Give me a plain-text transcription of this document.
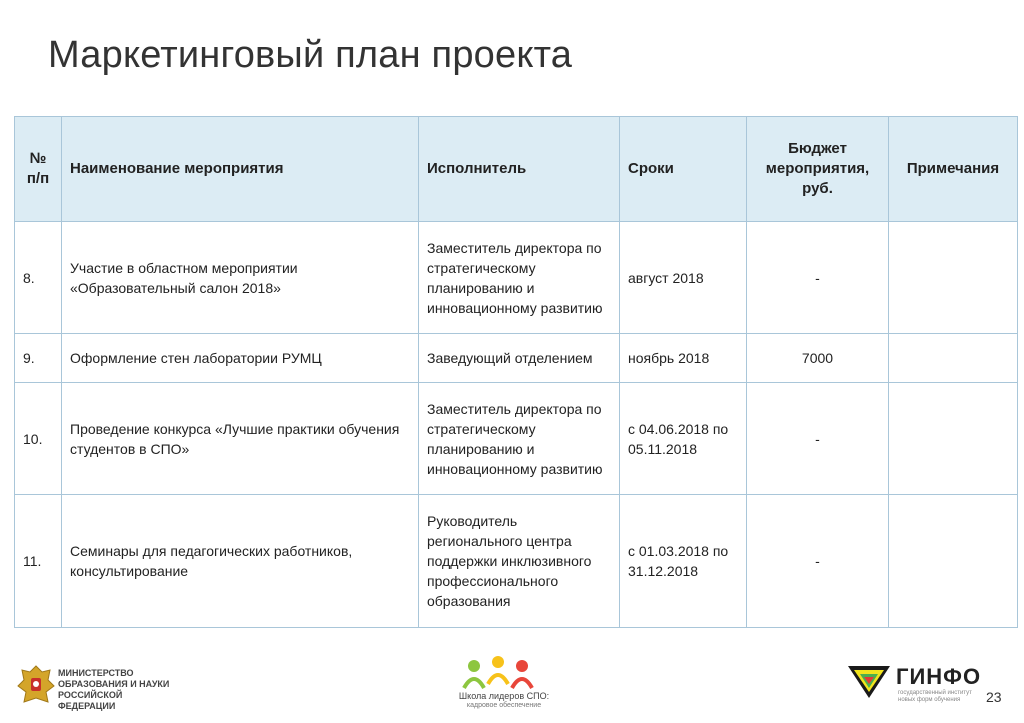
Маркетинговый план проекта
№ п/п	Наименование мероприятия	Исполнитель	Сроки	Бюджет мероприятия, руб.	Примечания
8.	Участие в областном мероприятии «Образовательный салон 2018»	Заместитель директора по стратегическому планированию и инновационному развитию	август 2018	-	
9.	Оформление стен лаборатории РУМЦ	Заведующий отделением	ноябрь 2018	7000	
10.	Проведение конкурса «Лучшие практики обучения студентов в СПО»	Заместитель директора по стратегическому планированию и инновационному развитию	с 04.06.2018 по 05.11.2018	-	
11.	Семинары для педагогических работников, консультирование	Руководитель регионального центра поддержки инклюзивного профессионального образования	с 01.03.2018 по 31.12.2018	-	
МИНИСТЕРСТВО ОБРАЗОВАНИЯ И НАУКИ РОССИЙСКОЙ ФЕДЕРАЦИИ
Школа лидеров СПО:
кадровое обеспечение
ГИНФО
государственный институт новых форм обучения	23
